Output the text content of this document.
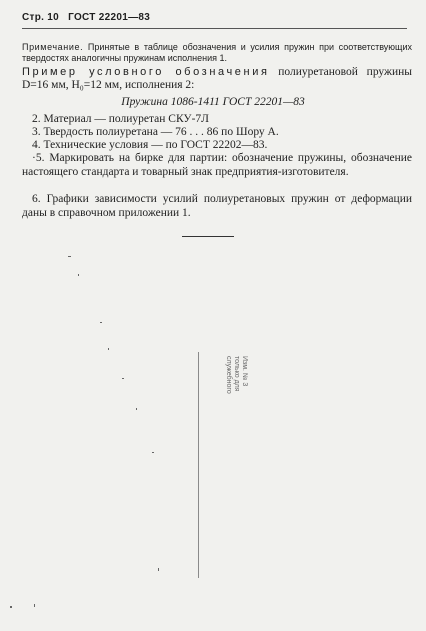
Стр. 10 ГОСТ 22201—83
Примечание. Принятые в таблице обозначения и усилия пружин при соответствующих твердостях аналогичны пружинам исполнения 1.
Пример условного обозначения полиуретановой пружины D=16 мм, H₀=12 мм, исполнения 2:
Пружина 1086-1411 ГОСТ 22201—83
2. Материал — полиуретан СКУ-7Л
3. Твердость полиуретана — 76 . . . 86 по Шору А.
4. Технические условия — по ГОСТ 22202—83.
·5. Маркировать на бирке для партии: обозначение пружины, обозначение настоящего стандарта и товарный знак предприятия-изготовителя.
6. Графики зависимости усилий полиуретановых пружин от деформации даны в справочном приложении 1.
Изм. № 3
только для
служебного
